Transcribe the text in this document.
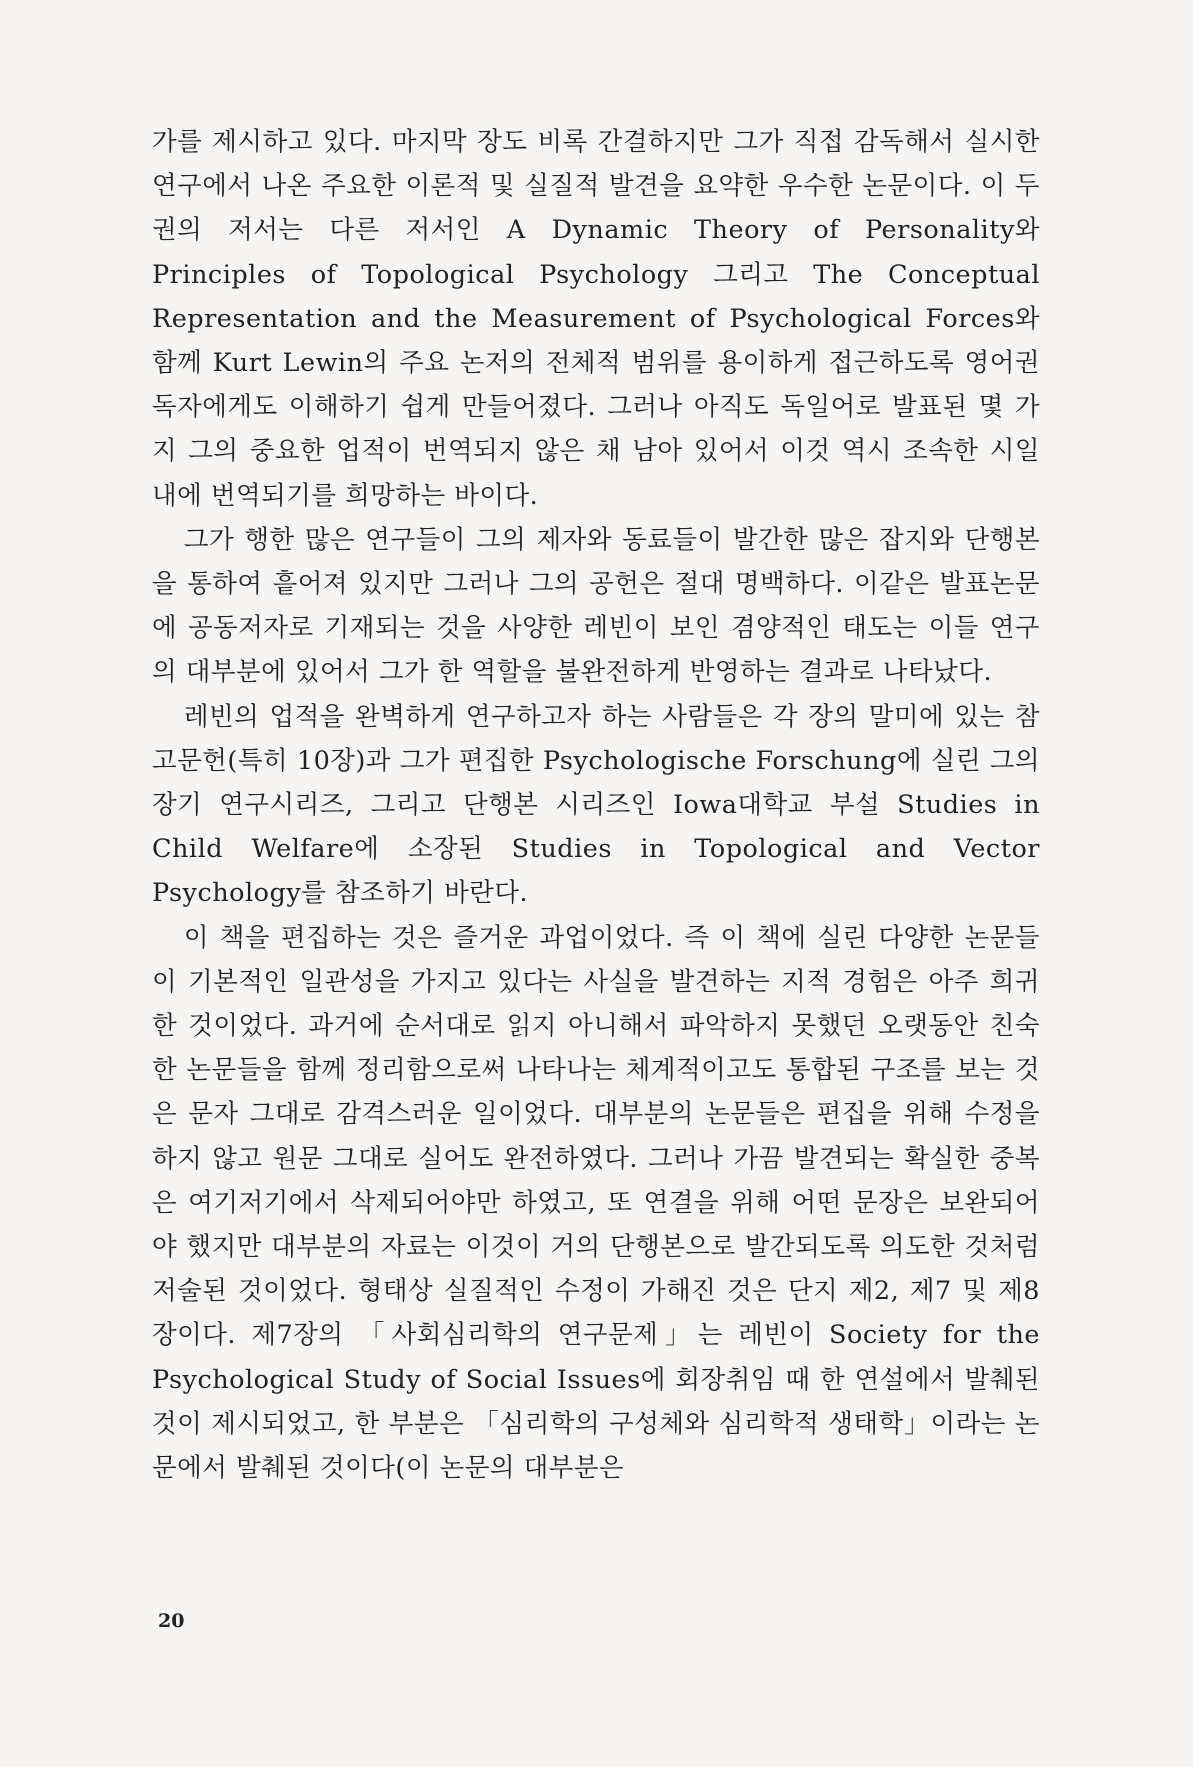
가를 제시하고 있다. 마지막 장도 비록 간결하지만 그가 직접 감독해서 실시한 연구에서 나온 주요한 이론적 및 실질적 발견을 요약한 우수한 논문이다. 이 두 권의 저서는 다른 저서인 A Dynamic Theory of Personality와 Principles of Topological Psychology 그리고 The Conceptual Representation and the Measurement of Psychological Forces와 함께 Kurt Lewin의 주요 논저의 전체적 범위를 용이하게 접근하도록 영어권 독자에게도 이해하기 쉽게 만들어졌다. 그러나 아직도 독일어로 발표된 몇 가지 그의 중요한 업적이 번역되지 않은 채 남아 있어서 이것 역시 조속한 시일 내에 번역되기를 희망하는 바이다.

그가 행한 많은 연구들이 그의 제자와 동료들이 발간한 많은 잡지와 단행본을 통하여 흩어져 있지만 그러나 그의 공헌은 절대 명백하다. 이같은 발표논문에 공동저자로 기재되는 것을 사양한 레빈이 보인 겸양적인 태도는 이들 연구의 대부분에 있어서 그가 한 역할을 불완전하게 반영하는 결과로 나타났다.

레빈의 업적을 완벽하게 연구하고자 하는 사람들은 각 장의 말미에 있는 참고문헌(특히 10장)과 그가 편집한 Psychologische Forschung에 실린 그의 장기 연구시리즈, 그리고 단행본 시리즈인 Iowa대학교 부설 Studies in Child Welfare에 소장된 Studies in Topological and Vector Psychology를 참조하기 바란다.

이 책을 편집하는 것은 즐거운 과업이었다. 즉 이 책에 실린 다양한 논문들이 기본적인 일관성을 가지고 있다는 사실을 발견하는 지적 경험은 아주 희귀한 것이었다. 과거에 순서대로 읽지 아니해서 파악하지 못했던 오랫동안 친숙한 논문들을 함께 정리함으로써 나타나는 체계적이고도 통합된 구조를 보는 것은 문자 그대로 감격스러운 일이었다. 대부분의 논문들은 편집을 위해 수정을 하지 않고 원문 그대로 실어도 완전하였다. 그러나 가끔 발견되는 확실한 중복은 여기저기에서 삭제되어야만 하였고, 또 연결을 위해 어떤 문장은 보완되어야 했지만 대부분의 자료는 이것이 거의 단행본으로 발간되도록 의도한 것처럼 저술된 것이었다. 형태상 실질적인 수정이 가해진 것은 단지 제2, 제7 및 제8장이다. 제7장의 「사회심리학의 연구문제」는 레빈이 Society for the Psychological Study of Social Issues에 회장취임 때 한 연설에서 발췌된 것이 제시되었고, 한 부분은 「심리학의 구성체와 심리학적 생태학」이라는 논문에서 발췌된 것이다(이 논문의 대부분은

20
